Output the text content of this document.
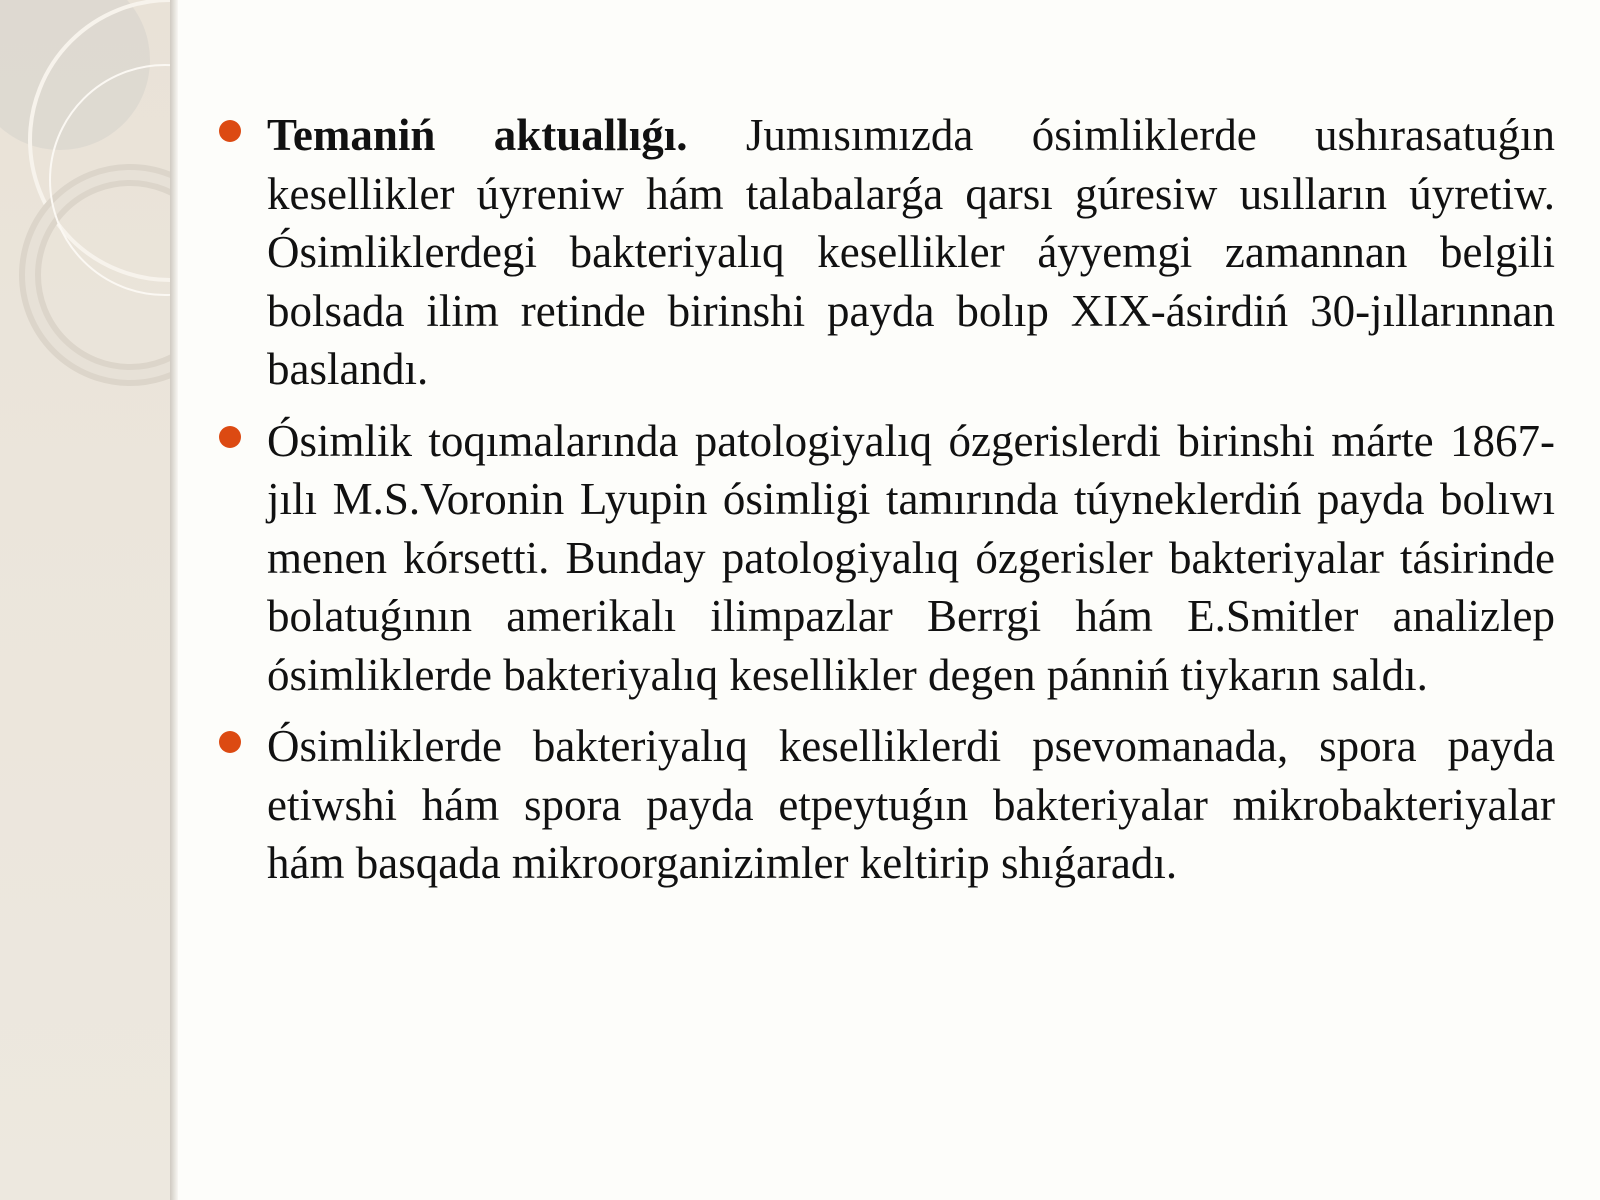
Temaniń aktuallıǵı. Jumısımızda ósimliklerde ushırasatuǵın kesellikler úyreniw hám talabalarǵa qarsı gúresiw usılların úyretiw. Ósimliklerdegi bakteriyalıq kesellikler áyyemgi zamannan belgili bolsada ilim retinde birinshi payda bolıp XIX-ásirdiń 30-jıllarınnan baslandı.

Ósimlik toqımalarında patologiyalıq ózgerislerdi birinshi márte 1867-jılı M.S.Voronin Lyupin ósimligi tamırında túyneklerdiń payda bolıwı menen kórsetti. Bunday patologiyalıq ózgerisler bakteriyalar tásirinde bolatuǵının amerikalı ilimpazlar Berrgi hám E.Smitler analizlep ósimliklerde bakteriyalıq kesellikler degen pánniń tiykarın saldı.

Ósimliklerde bakteriyalıq keselliklerdi psevomanada, spora payda etiwshi hám spora payda etpeytuǵın bakteriyalar mikrobakteriyalar hám basqada mikroorganizimler keltirip shıǵaradı.
